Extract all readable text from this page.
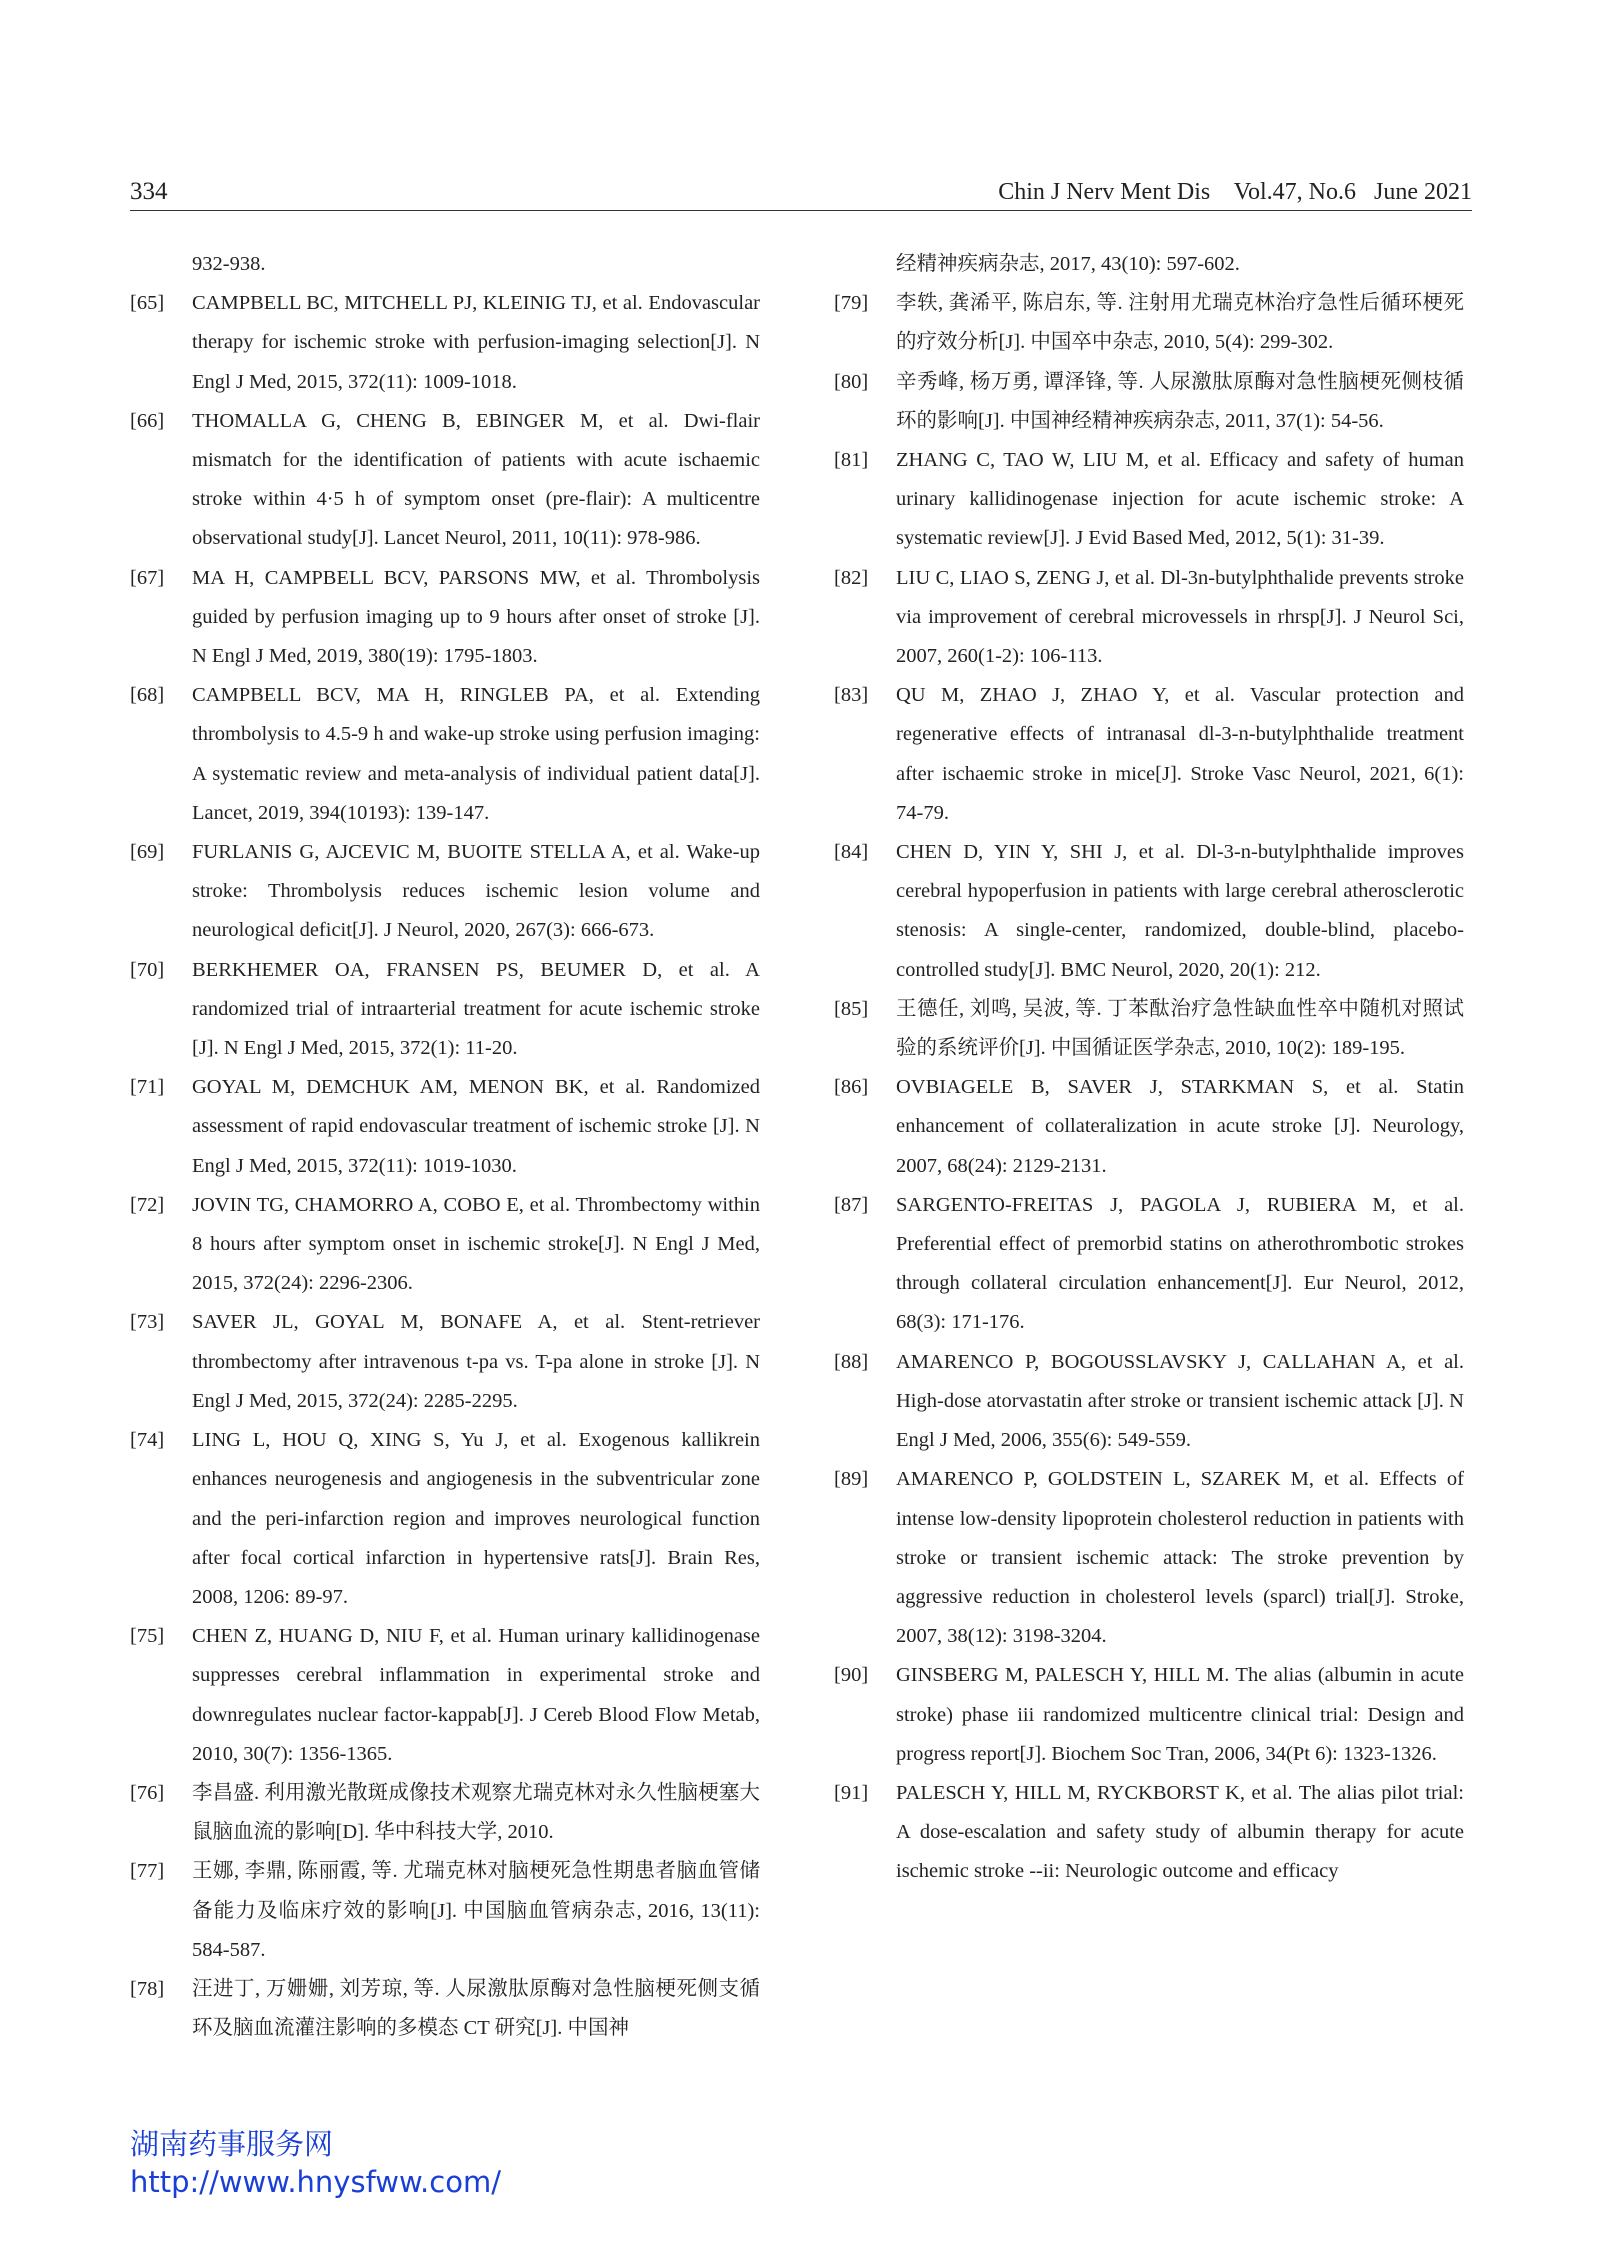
334	Chin J Nerv Ment Dis    Vol.47, No.6   June 2021
932-938.
[65] CAMPBELL BC, MITCHELL PJ, KLEINIG TJ, et al. Endovascular therapy for ischemic stroke with perfusion-imaging selection[J]. N Engl J Med, 2015, 372(11): 1009-1018.
[66] THOMALLA G, CHENG B, EBINGER M, et al. Dwi-flair mismatch for the identification of patients with acute ischaemic stroke within 4·5 h of symptom onset (pre-flair): A multicentre observational study[J]. Lancet Neurol, 2011, 10(11): 978-986.
[67] MA H, CAMPBELL BCV, PARSONS MW, et al. Thrombolysis guided by perfusion imaging up to 9 hours after onset of stroke [J]. N Engl J Med, 2019, 380(19): 1795-1803.
[68] CAMPBELL BCV, MA H, RINGLEB PA, et al. Extending thrombolysis to 4.5-9 h and wake-up stroke using perfusion imaging: A systematic review and meta-analysis of individual patient data[J]. Lancet, 2019, 394(10193): 139-147.
[69] FURLANIS G, AJCEVIC M, BUOITE STELLA A, et al. Wake-up stroke: Thrombolysis reduces ischemic lesion volume and neurological deficit[J]. J Neurol, 2020, 267(3): 666-673.
[70] BERKHEMER OA, FRANSEN PS, BEUMER D, et al. A randomized trial of intraarterial treatment for acute ischemic stroke [J]. N Engl J Med, 2015, 372(1): 11-20.
[71] GOYAL M, DEMCHUK AM, MENON BK, et al. Randomized assessment of rapid endovascular treatment of ischemic stroke [J]. N Engl J Med, 2015, 372(11): 1019-1030.
[72] JOVIN TG, CHAMORRO A, COBO E, et al. Thrombectomy within 8 hours after symptom onset in ischemic stroke[J]. N Engl J Med, 2015, 372(24): 2296-2306.
[73] SAVER JL, GOYAL M, BONAFE A, et al. Stent-retriever thrombectomy after intravenous t-pa vs. T-pa alone in stroke [J]. N Engl J Med, 2015, 372(24): 2285-2295.
[74] LING L, HOU Q, XING S, Yu J, et al. Exogenous kallikrein enhances neurogenesis and angiogenesis in the subventricular zone and the peri-infarction region and improves neurological function after focal cortical infarction in hypertensive rats[J]. Brain Res, 2008, 1206: 89-97.
[75] CHEN Z, HUANG D, NIU F, et al. Human urinary kallidinogenase suppresses cerebral inflammation in experimental stroke and downregulates nuclear factor-kappab[J]. J Cereb Blood Flow Metab, 2010, 30(7): 1356-1365.
[76] 李昌盛. 利用激光散斑成像技术观察尤瑞克林对永久性脑梗塞大鼠脑血流的影响[D]. 华中科技大学, 2010.
[77] 王娜, 李鼎, 陈丽霞, 等. 尤瑞克林对脑梗死急性期患者脑血管储备能力及临床疗效的影响[J]. 中国脑血管病杂志, 2016, 13(11): 584-587.
[78] 汪进丁, 万姗姗, 刘芳琼, 等. 人尿激肽原酶对急性脑梗死侧支循环及脑血流灌注影响的多模态 CT 研究[J]. 中国神
经精神疾病杂志, 2017, 43(10): 597-602.
[79] 李轶, 龚浠平, 陈启东, 等. 注射用尤瑞克林治疗急性后循环梗死的疗效分析[J]. 中国卒中杂志, 2010, 5(4): 299-302.
[80] 辛秀峰, 杨万勇, 谭泽锋, 等. 人尿激肽原酶对急性脑梗死侧枝循环的影响[J]. 中国神经精神疾病杂志, 2011, 37(1): 54-56.
[81] ZHANG C, TAO W, LIU M, et al. Efficacy and safety of human urinary kallidinogenase injection for acute ischemic stroke: A systematic review[J]. J Evid Based Med, 2012, 5(1): 31-39.
[82] LIU C, LIAO S, ZENG J, et al. Dl-3n-butylphthalide prevents stroke via improvement of cerebral microvessels in rhrsp[J]. J Neurol Sci, 2007, 260(1-2): 106-113.
[83] QU M, ZHAO J, ZHAO Y, et al. Vascular protection and regenerative effects of intranasal dl-3-n-butylphthalide treatment after ischaemic stroke in mice[J]. Stroke Vasc Neurol, 2021, 6(1): 74-79.
[84] CHEN D, YIN Y, SHI J, et al. Dl-3-n-butylphthalide improves cerebral hypoperfusion in patients with large cerebral atherosclerotic stenosis: A single-center, randomized, double-blind, placebo-controlled study[J]. BMC Neurol, 2020, 20(1): 212.
[85] 王德任, 刘鸣, 吴波, 等. 丁苯酞治疗急性缺血性卒中随机对照试验的系统评价[J]. 中国循证医学杂志, 2010, 10(2): 189-195.
[86] OVBIAGELE B, SAVER J, STARKMAN S, et al. Statin enhancement of collateralization in acute stroke [J]. Neurology, 2007, 68(24): 2129-2131.
[87] SARGENTO-FREITAS J, PAGOLA J, RUBIERA M, et al. Preferential effect of premorbid statins on atherothrombotic strokes through collateral circulation enhancement[J]. Eur Neurol, 2012, 68(3): 171-176.
[88] AMARENCO P, BOGOUSSLAVSKY J, CALLAHAN A, et al. High-dose atorvastatin after stroke or transient ischemic attack [J]. N Engl J Med, 2006, 355(6): 549-559.
[89] AMARENCO P, GOLDSTEIN L, SZAREK M, et al. Effects of intense low-density lipoprotein cholesterol reduction in patients with stroke or transient ischemic attack: The stroke prevention by aggressive reduction in cholesterol levels (sparcl) trial[J]. Stroke, 2007, 38(12): 3198-3204.
[90] GINSBERG M, PALESCH Y, HILL M. The alias (albumin in acute stroke) phase iii randomized multicentre clinical trial: Design and progress report[J]. Biochem Soc Tran, 2006, 34(Pt 6): 1323-1326.
[91] PALESCH Y, HILL M, RYCKBORST K, et al. The alias pilot trial: A dose-escalation and safety study of albumin therapy for acute ischemic stroke --ii: Neurologic outcome and efficacy
湖南药事服务网
http://www.hnysfww.com/
